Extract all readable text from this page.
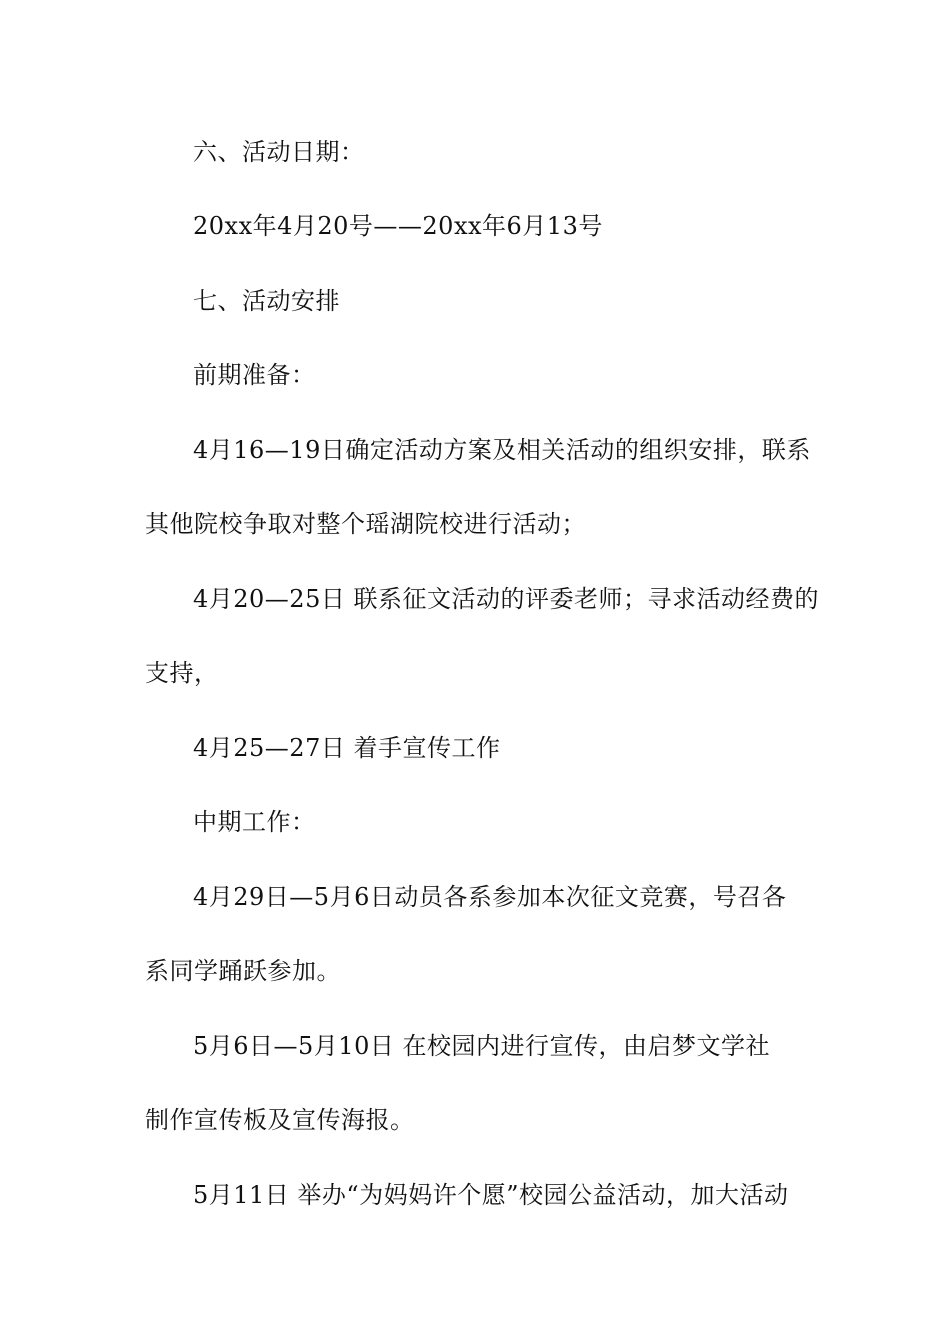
六、活动日期：
20xx年4月20号——20xx年6月13号
七、活动安排
前期准备：
4月16—19日确定活动方案及相关活动的组织安排，联系
其他院校争取对整个瑶湖院校进行活动；
4月20—25日 联系征文活动的评委老师；寻求活动经费的
支持，
4月25—27日 着手宣传工作
中期工作：
4月29日—5月6日动员各系参加本次征文竞赛，号召各
系同学踊跃参加。
5月6日—5月10日 在校园内进行宣传，由启梦文学社
制作宣传板及宣传海报。
5月11日 举办“为妈妈许个愿”校园公益活动，加大活动
